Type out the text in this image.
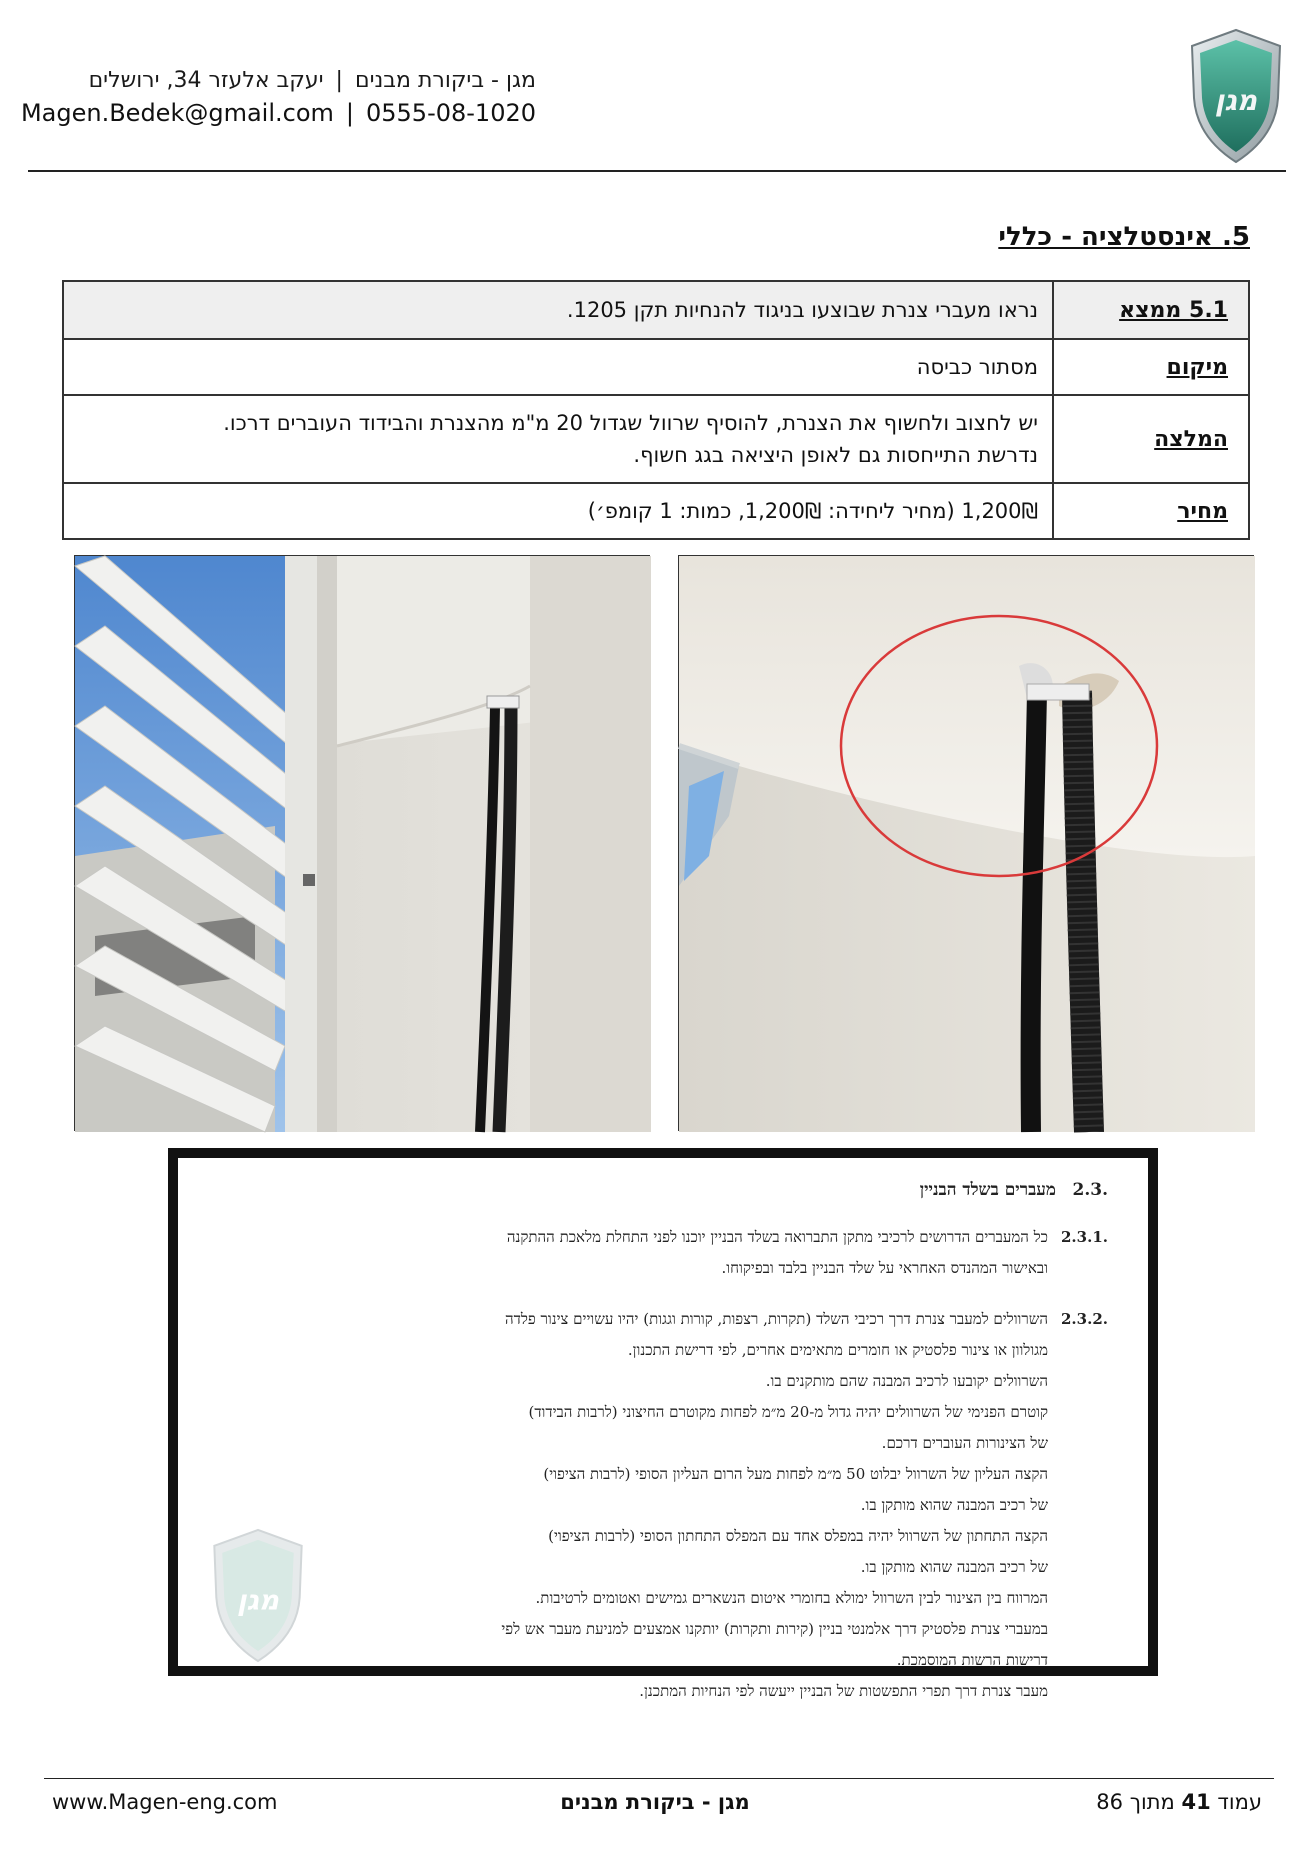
מגן
מגן - ביקורת מבנים|יעקב אלעזר 34, ירושלים
Magen.Bedek@gmail.com | 0555-08-1020
5. אינסטלציה - כללי
5.1 ממצא	נראו מעברי צנרת שבוצעו בניגוד להנחיות תקן 1205.
מיקום	מסתור כביסה
המלצה	יש לחצוב ולחשוף את הצנרת, להוסיף שרוול שגדול 20 מ"מ מהצנרת והבידוד העוברים דרכו.
נדרשת התייחסות גם לאופן היציאה בגג חשוף.

מחיר	1,200₪ (מחיר ליחידה: 1,200₪, כמות: 1 קומפ׳)
מגן
.2.3מעברים בשלד הבניין
.2.3.1
כל המעברים הדרושים לרכיבי מתקן התברואה בשלד הבניין יוכנו לפני התחלת מלאכת ההתקנה
ובאישור המהנדס האחראי על שלד הבניין בלבד ובפיקוחו.
.2.3.2
השרוולים למעבר צנרת דרך רכיבי השלד (תקרות, רצפות, קורות וגגות) יהיו עשויים צינור פלדה
מגולוון או צינור פלסטיק או חומרים מתאימים אחרים, לפי דרישת התכנון.
השרוולים יקובעו לרכיב המבנה שהם מותקנים בו.
קוטרם הפנימי של השרוולים יהיה גדול מ-20 מ״מ לפחות מקוטרם החיצוני (לרבות הבידוד)
של הצינורות העוברים דרכם.
הקצה העליון של השרוול יבלוט 50 מ״מ לפחות מעל הרום העליון הסופי (לרבות הציפוי)
של רכיב המבנה שהוא מותקן בו.
הקצה התחתון של השרוול יהיה במפלס אחד עם המפלס התחתון הסופי (לרבות הציפוי)
של רכיב המבנה שהוא מותקן בו.
המרווח בין הצינור לבין השרוול ימולא בחומרי איטום הנשארים גמישים ואטומים לרטיבות.
במעברי צנרת פלסטיק דרך אלמנטי בניין (קירות ותקרות) יותקנו אמצעים למניעת מעבר אש לפי
דרישות הרשות המוסמכת.
מעבר צנרת דרך תפרי התפשטות של הבניין ייעשה לפי הנחיות המתכנן.
www.Magen-eng.com	מגן - ביקורת מבנים	עמוד 41 מתוך 86
